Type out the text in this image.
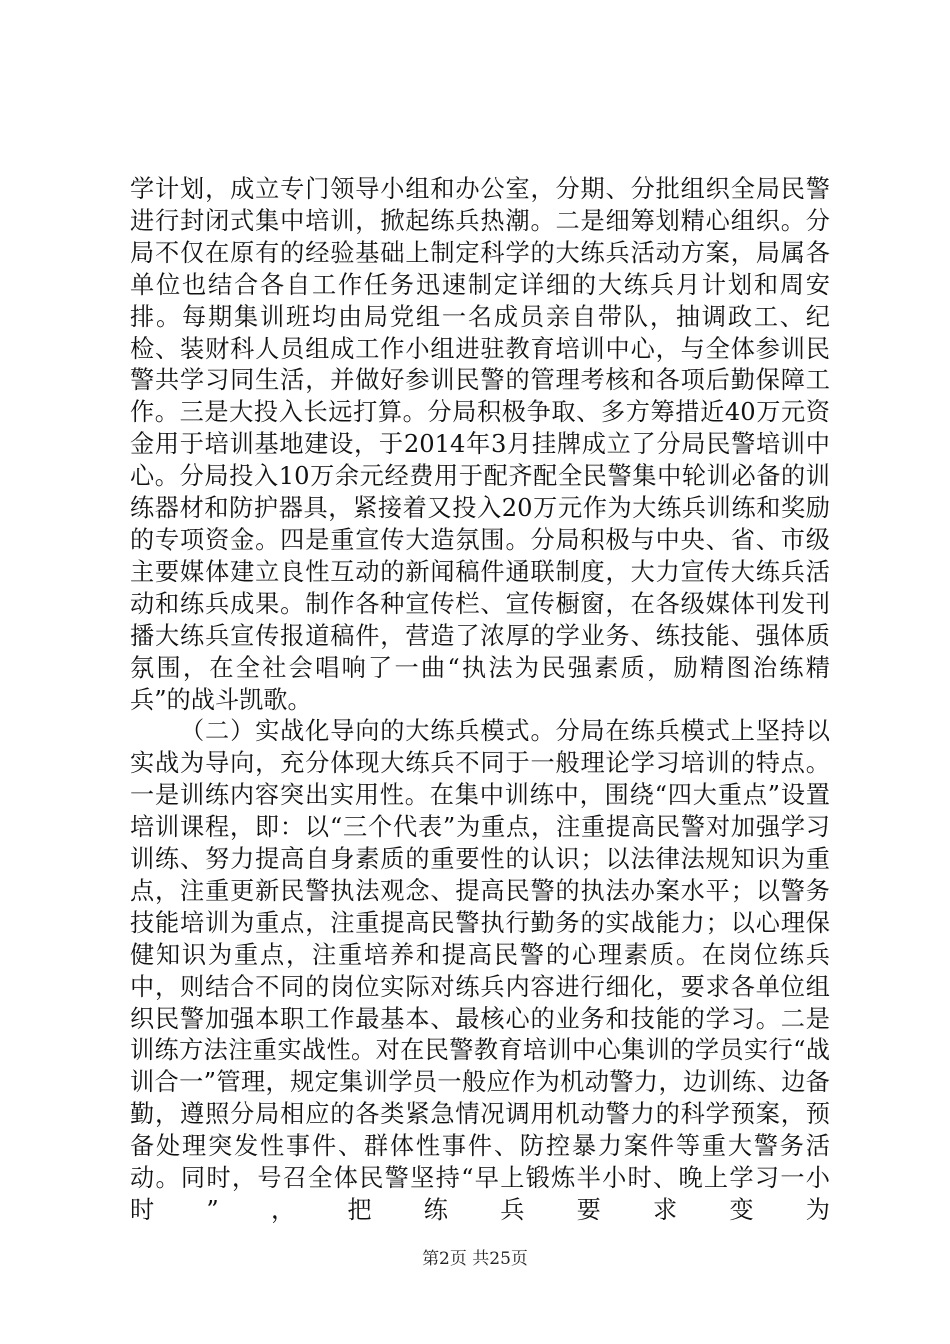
学计划，成立专门领导小组和办公室，分期、分批组织全局民警进行封闭式集中培训，掀起练兵热潮。二是细筹划精心组织。分局不仅在原有的经验基础上制定科学的大练兵活动方案，局属各单位也结合各自工作任务迅速制定详细的大练兵月计划和周安排。每期集训班均由局党组一名成员亲自带队，抽调政工、纪检、装财科人员组成工作小组进驻教育培训中心，与全体参训民警共学习同生活，并做好参训民警的管理考核和各项后勤保障工作。三是大投入长远打算。分局积极争取、多方筹措近40万元资金用于培训基地建设，于2014年3月挂牌成立了分局民警培训中心。分局投入10万余元经费用于配齐配全民警集中轮训必备的训练器材和防护器具，紧接着又投入20万元作为大练兵训练和奖励的专项资金。四是重宣传大造氛围。分局积极与中央、省、市级主要媒体建立良性互动的新闻稿件通联制度，大力宣传大练兵活动和练兵成果。制作各种宣传栏、宣传橱窗，在各级媒体刊发刊播大练兵宣传报道稿件，营造了浓厚的学业务、练技能、强体质氛围，在全社会唱响了一曲“执法为民强素质，励精图治练精兵”的战斗凯歌。

（二）实战化导向的大练兵模式。分局在练兵模式上坚持以实战为导向，充分体现大练兵不同于一般理论学习培训的特点。一是训练内容突出实用性。在集中训练中，围绕“四大重点”设置培训课程，即：以“三个代表”为重点，注重提高民警对加强学习训练、努力提高自身素质的重要性的认识；以法律法规知识为重点，注重更新民警执法观念、提高民警的执法办案水平；以警务技能培训为重点，注重提高民警执行勤务的实战能力；以心理保健知识为重点，注重培养和提高民警的心理素质。在岗位练兵中，则结合不同的岗位实际对练兵内容进行细化，要求各单位组织民警加强本职工作最基本、最核心的业务和技能的学习。二是训练方法注重实战性。对在民警教育培训中心集训的学员实行“战训合一”管理，规定集训学员一般应作为机动警力，边训练、边备勤，遵照分局相应的各类紧急情况调用机动警力的科学预案，预备处理突发性事件、群体性事件、防控暴力案件等重大警务活动。同时，号召全体民警坚持“早上锻炼半小时、晚上学习一小时”，把练兵要求变为

第2页 共25页
